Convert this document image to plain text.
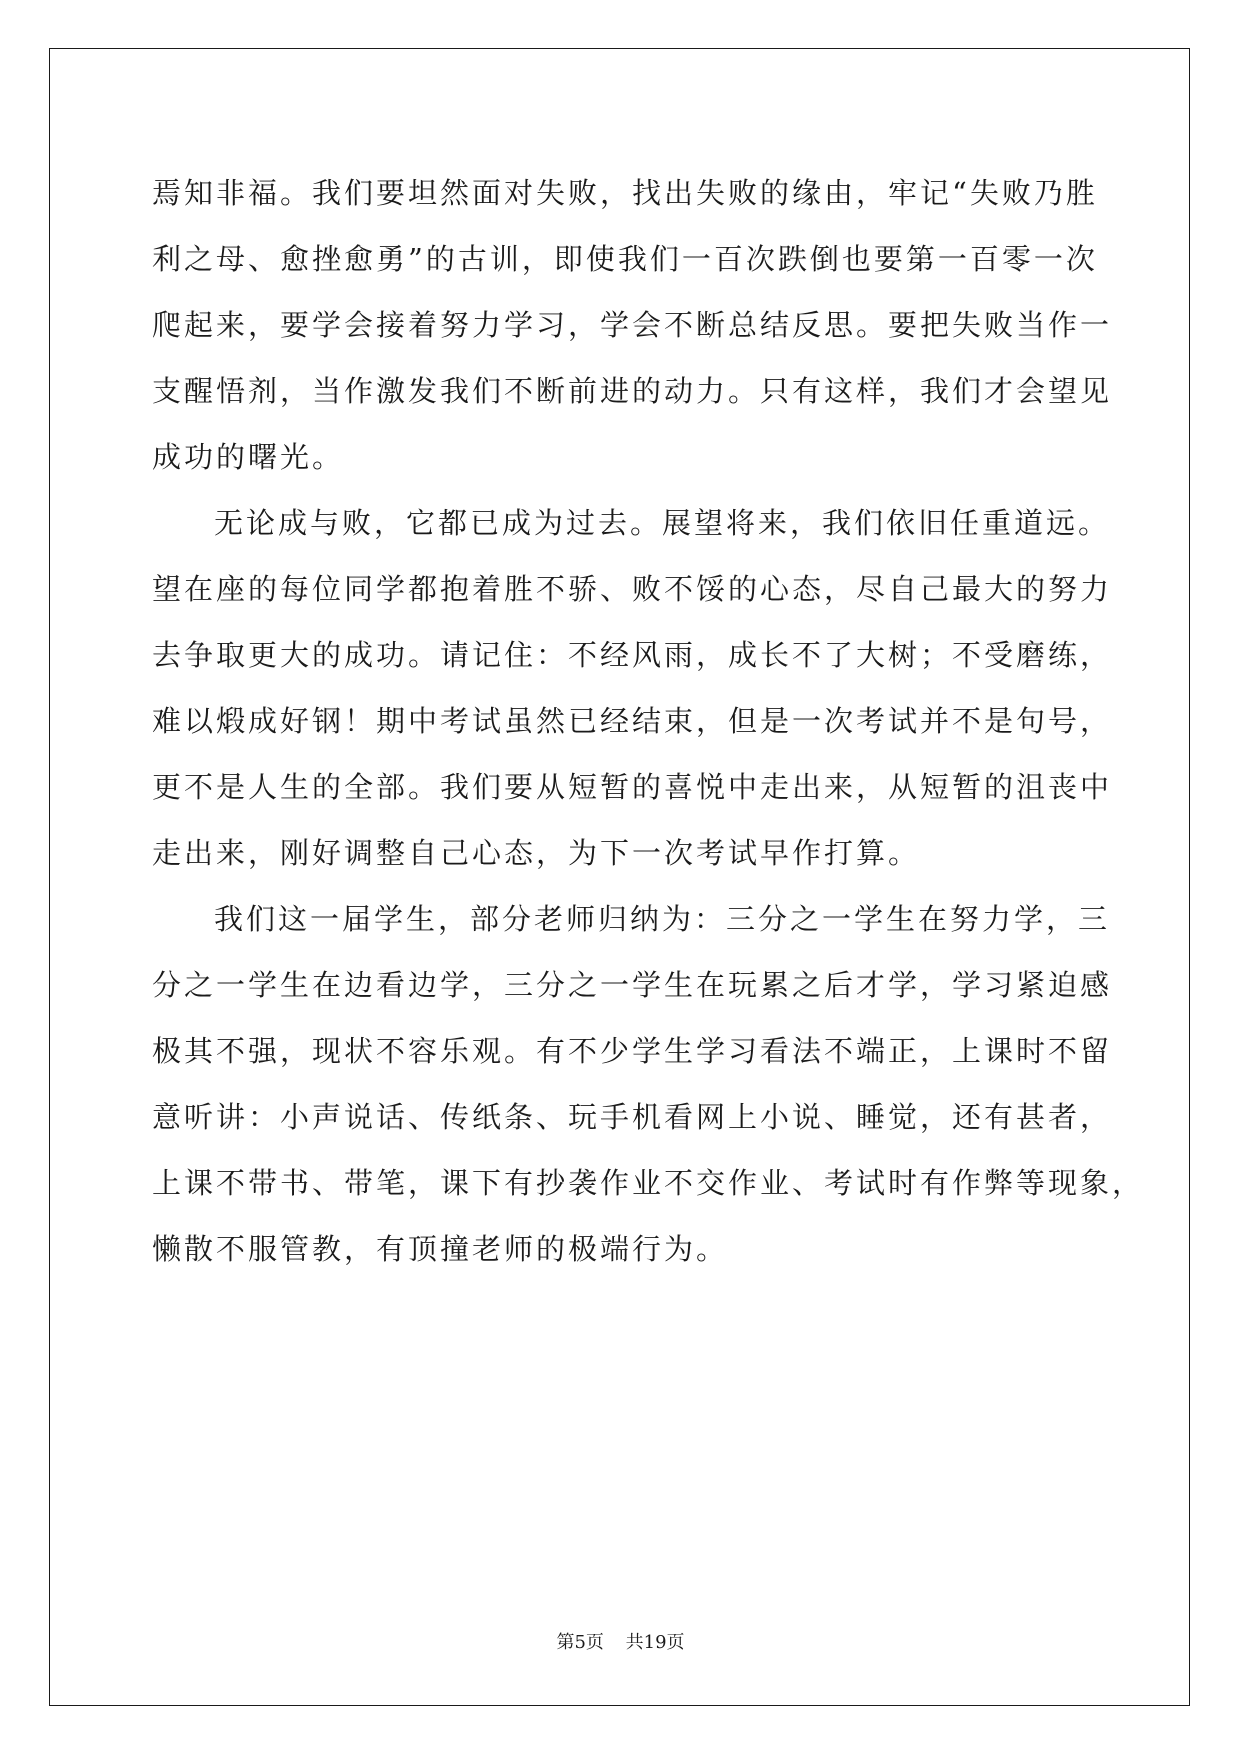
焉知非福。我们要坦然面对失败，找出失败的缘由，牢记“失败乃胜
利之母、愈挫愈勇”的古训，即使我们一百次跌倒也要第一百零一次
爬起来，要学会接着努力学习，学会不断总结反思。要把失败当作一
支醒悟剂，当作激发我们不断前进的动力。只有这样，我们才会望见
成功的曙光。
无论成与败，它都已成为过去。展望将来，我们依旧任重道远。
望在座的每位同学都抱着胜不骄、败不馁的心态，尽自己最大的努力
去争取更大的成功。请记住：不经风雨，成长不了大树；不受磨练，
难以煅成好钢！期中考试虽然已经结束，但是一次考试并不是句号，
更不是人生的全部。我们要从短暂的喜悦中走出来，从短暂的沮丧中
走出来，刚好调整自己心态，为下一次考试早作打算。
我们这一届学生，部分老师归纳为：三分之一学生在努力学，三
分之一学生在边看边学，三分之一学生在玩累之后才学，学习紧迫感
极其不强，现状不容乐观。有不少学生学习看法不端正，上课时不留
意听讲：小声说话、传纸条、玩手机看网上小说、睡觉，还有甚者，
上课不带书、带笔，课下有抄袭作业不交作业、考试时有作弊等现象，
懒散不服管教，有顶撞老师的极端行为。
第5页 共19页
